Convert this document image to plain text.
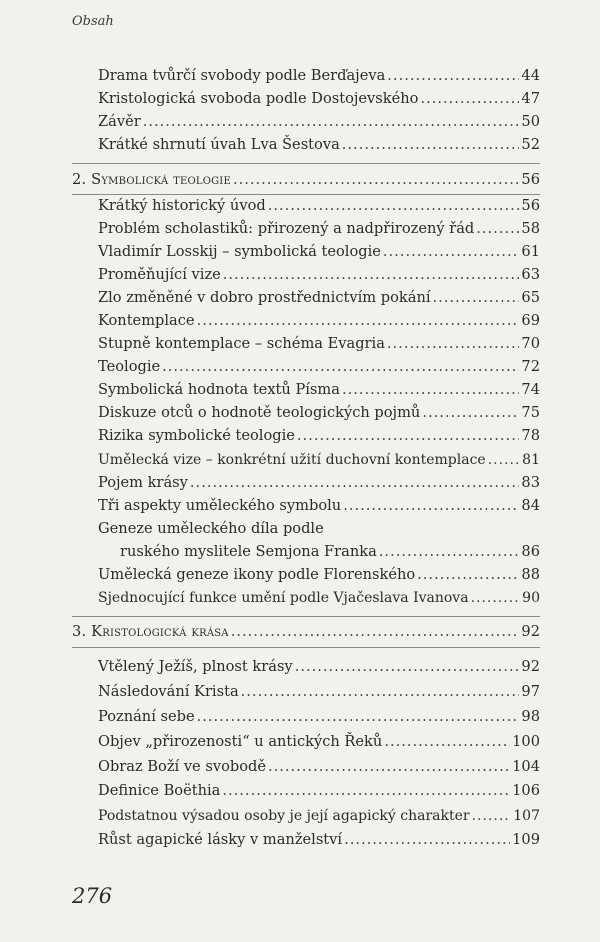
Obsah
Drama tvůrčí svobody podle Berďajeva .....	44
Kristologická svoboda podle Dostojevského .....	47
Závěr .....	50
Krátké shrnutí úvah Lva Šestova .....	52
2. Symbolická teologie .....	56
Krátký historický úvod .....	56
Problém scholastiků: přirozený a nadpřirozený řád .....	58
Vladimír Losskij – symbolická teologie .....	61
Proměňující vize .....	63
Zlo změněné v dobro prostřednictvím pokání .....	65
Kontemplace .....	69
Stupně kontemplace – schéma Evagria .....	70
Teologie .....	72
Symbolická hodnota textů Písma .....	74
Diskuze otců o hodnotě teologických pojmů .....	75
Rizika symbolické teologie .....	78
Umělecká vize – konkrétní užití duchovní kontemplace .....	81
Pojem krásy .....	83
Tři aspekty uměleckého symbolu .....	84
Geneze uměleckého díla podle
ruského myslitele Semjona Franka .....	86
Umělecká geneze ikony podle Florenského .....	88
Sjednocující funkce umění podle Vjačeslava Ivanova .....	90
3. Kristologická krása .....	92
Vtělený Ježíš, plnost krásy .....	92
Následování Krista .....	97
Poznání sebe .....	98
Objev „přirozenosti“ u antických Řeků .....	100
Obraz Boží ve svobodě .....	104
Definice Boëthia .....	106
Podstatnou výsadou osoby je její agapický charakter .....	107
Růst agapické lásky v manželství .....	109
276
